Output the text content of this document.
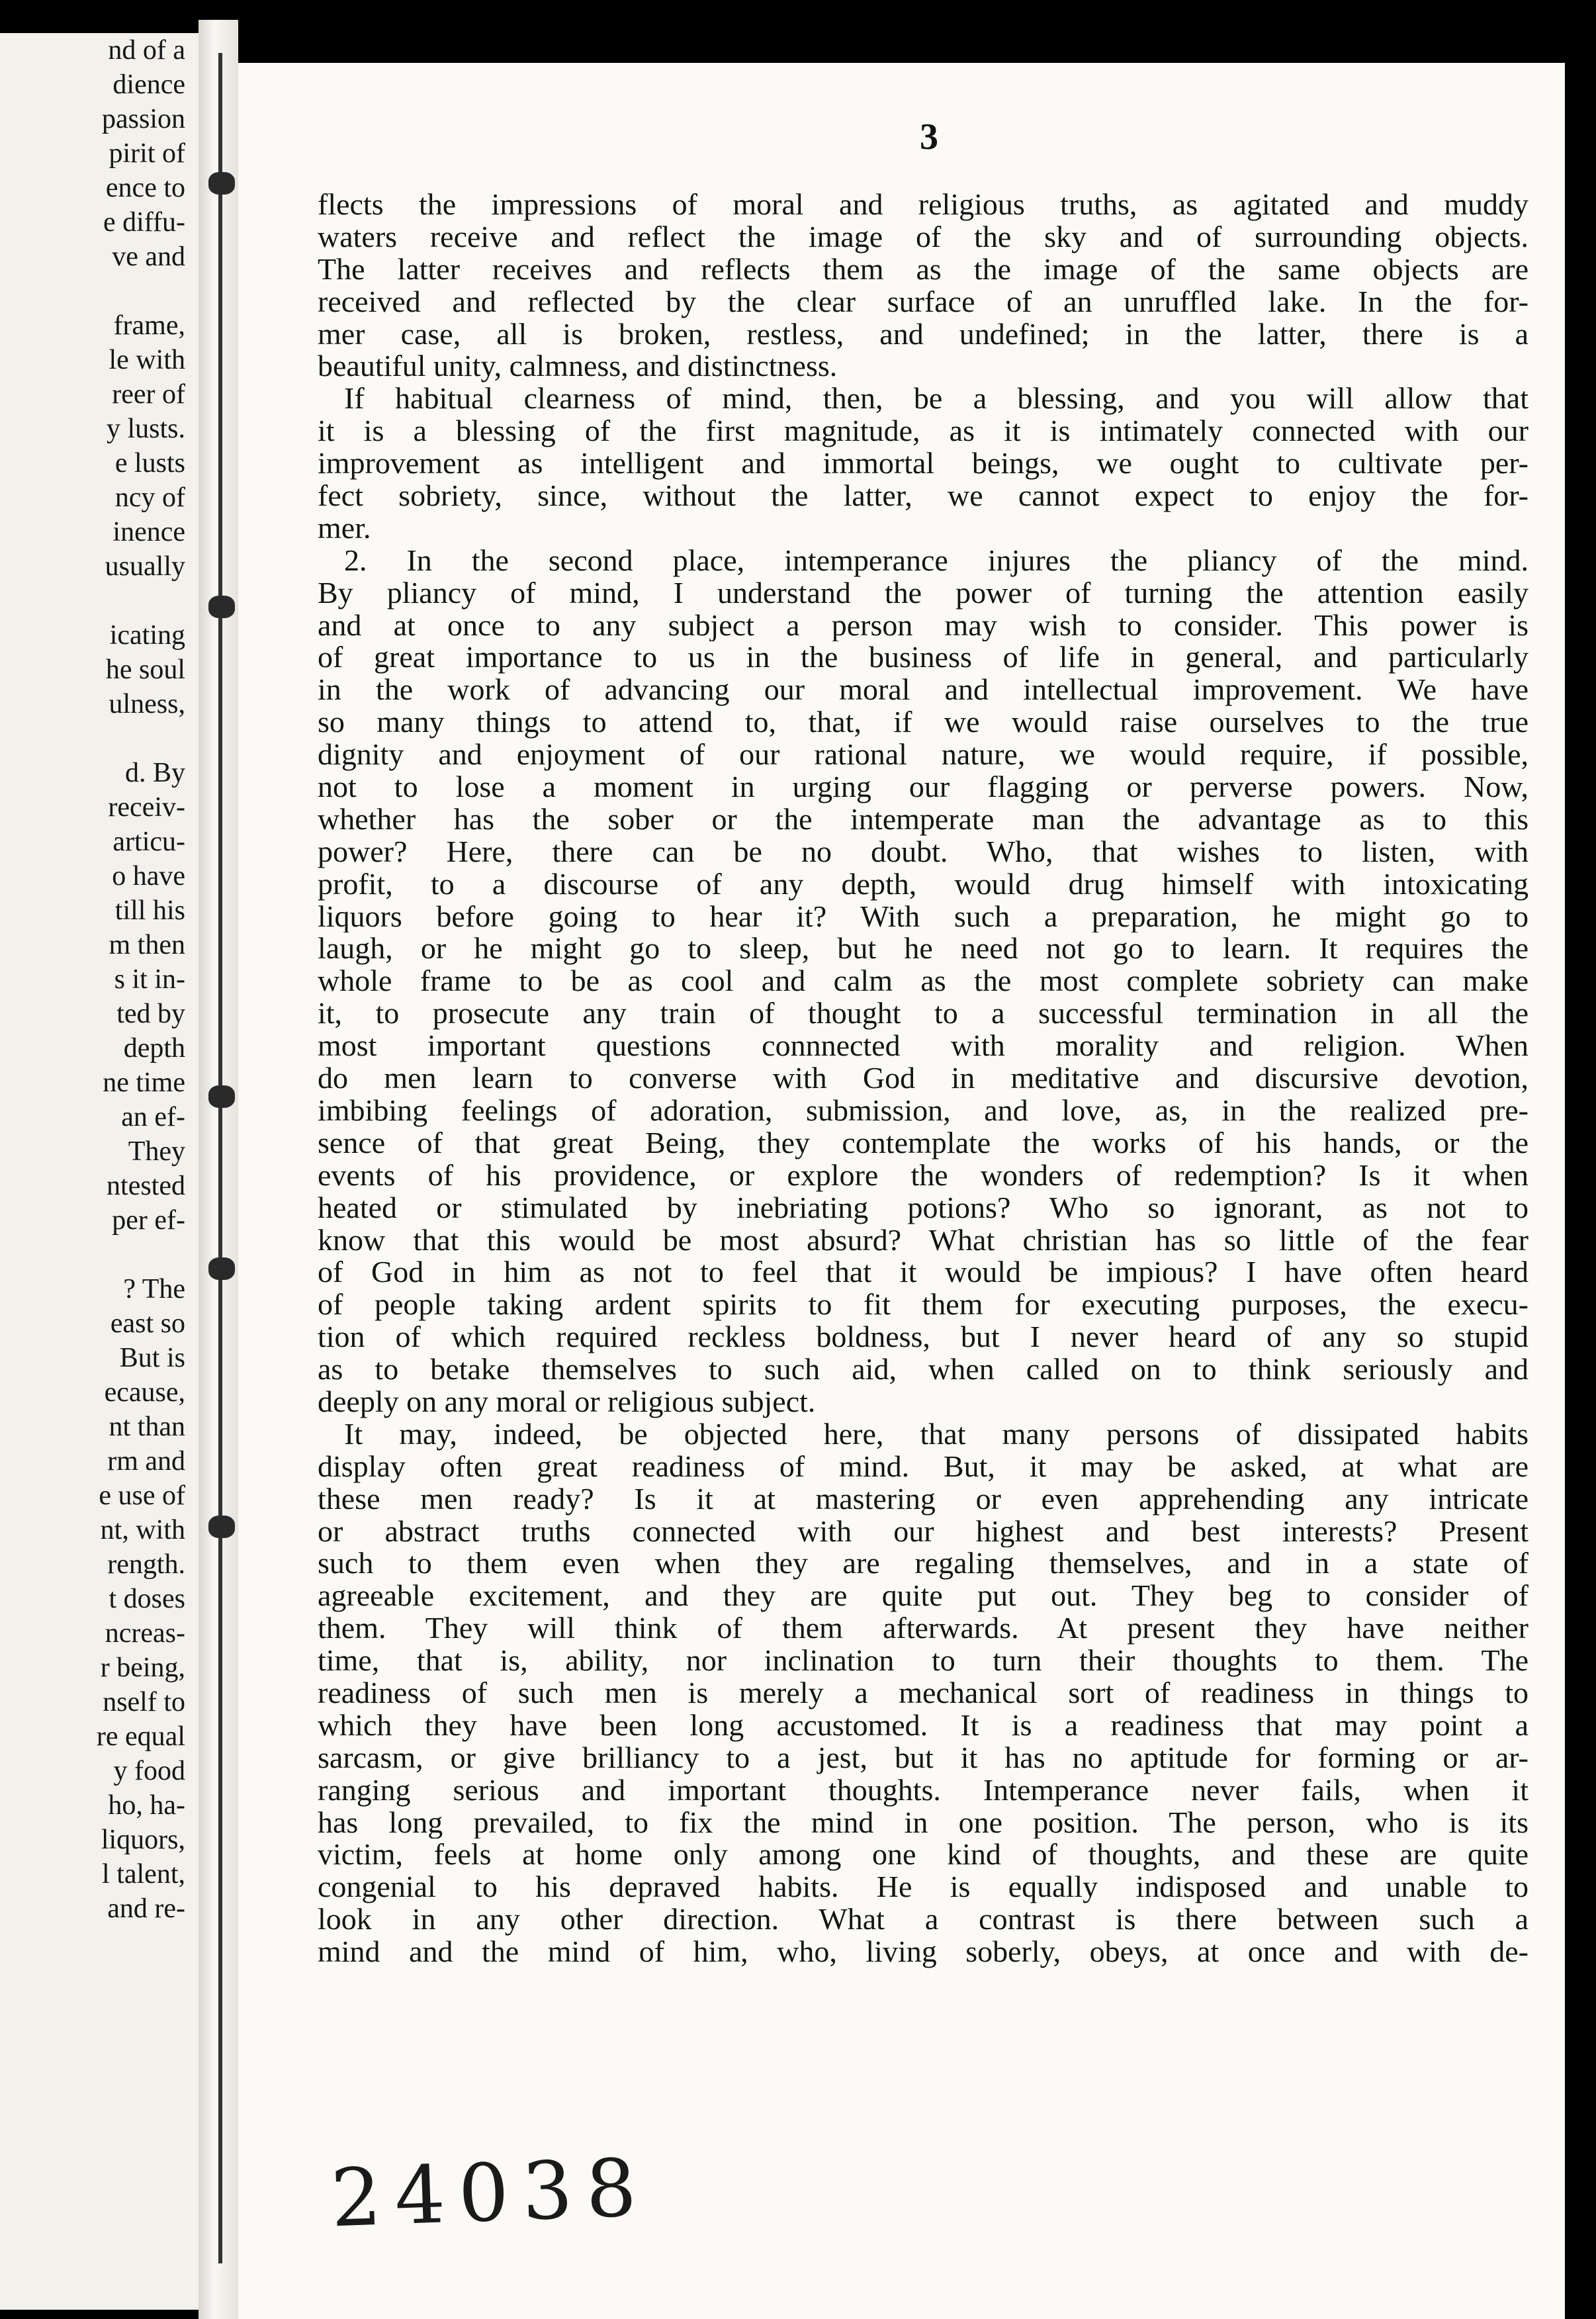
nd of a
dience
passion
pirit of
ence to
e diffu-
ve and
frame,
le with
reer of
y lusts.
e lusts
ncy of
inence
usually
icating
he soul
ulness,
d. By
receiv-
articu-
o have
till his
m then
s it in-
ted by
depth
ne time
an ef-
They
ntested
per ef-
? The
east so
But is
ecause,
nt than
rm and
e use of
nt, with
rength.
t doses
ncreas-
r being,
nself to
re equal
y food
ho, ha-
liquors,
l talent,
and re-
3
flects the impressions of moral and religious truths, as agitated and muddy
waters receive and reflect the image of the sky and of surrounding objects.
The latter receives and reflects them as the image of the same objects are
received and reflected by the clear surface of an unruffled lake. In the for-
mer case, all is broken, restless, and undefined; in the latter, there is a
beautiful unity, calmness, and distinctness.
If habitual clearness of mind, then, be a blessing, and you will allow that
it is a blessing of the first magnitude, as it is intimately connected with our
improvement as intelligent and immortal beings, we ought to cultivate per-
fect sobriety, since, without the latter, we cannot expect to enjoy the for-
mer.
2. In the second place, intemperance injures the pliancy of the mind.
By pliancy of mind, I understand the power of turning the attention easily
and at once to any subject a person may wish to consider. This power is
of great importance to us in the business of life in general, and particularly
in the work of advancing our moral and intellectual improvement. We have
so many things to attend to, that, if we would raise ourselves to the true
dignity and enjoyment of our rational nature, we would require, if possible,
not to lose a moment in urging our flagging or perverse powers. Now,
whether has the sober or the intemperate man the advantage as to this
power? Here, there can be no doubt. Who, that wishes to listen, with
profit, to a discourse of any depth, would drug himself with intoxicating
liquors before going to hear it? With such a preparation, he might go to
laugh, or he might go to sleep, but he need not go to learn. It requires the
whole frame to be as cool and calm as the most complete sobriety can make
it, to prosecute any train of thought to a successful termination in all the
most important questions connnected with morality and religion. When
do men learn to converse with God in meditative and discursive devotion,
imbibing feelings of adoration, submission, and love, as, in the realized pre-
sence of that great Being, they contemplate the works of his hands, or the
events of his providence, or explore the wonders of redemption? Is it when
heated or stimulated by inebriating potions? Who so ignorant, as not to
know that this would be most absurd? What christian has so little of the fear
of God in him as not to feel that it would be impious? I have often heard
of people taking ardent spirits to fit them for executing purposes, the execu-
tion of which required reckless boldness, but I never heard of any so stupid
as to betake themselves to such aid, when called on to think seriously and
deeply on any moral or religious subject.
It may, indeed, be objected here, that many persons of dissipated habits
display often great readiness of mind. But, it may be asked, at what are
these men ready? Is it at mastering or even apprehending any intricate
or abstract truths connected with our highest and best interests? Present
such to them even when they are regaling themselves, and in a state of
agreeable excitement, and they are quite put out. They beg to consider of
them. They will think of them afterwards. At present they have neither
time, that is, ability, nor inclination to turn their thoughts to them. The
readiness of such men is merely a mechanical sort of readiness in things to
which they have been long accustomed. It is a readiness that may point a
sarcasm, or give brilliancy to a jest, but it has no aptitude for forming or ar-
ranging serious and important thoughts. Intemperance never fails, when it
has long prevailed, to fix the mind in one position. The person, who is its
victim, feels at home only among one kind of thoughts, and these are quite
congenial to his depraved habits. He is equally indisposed and unable to
look in any other direction. What a contrast is there between such a
mind and the mind of him, who, living soberly, obeys, at once and with de-
24038
